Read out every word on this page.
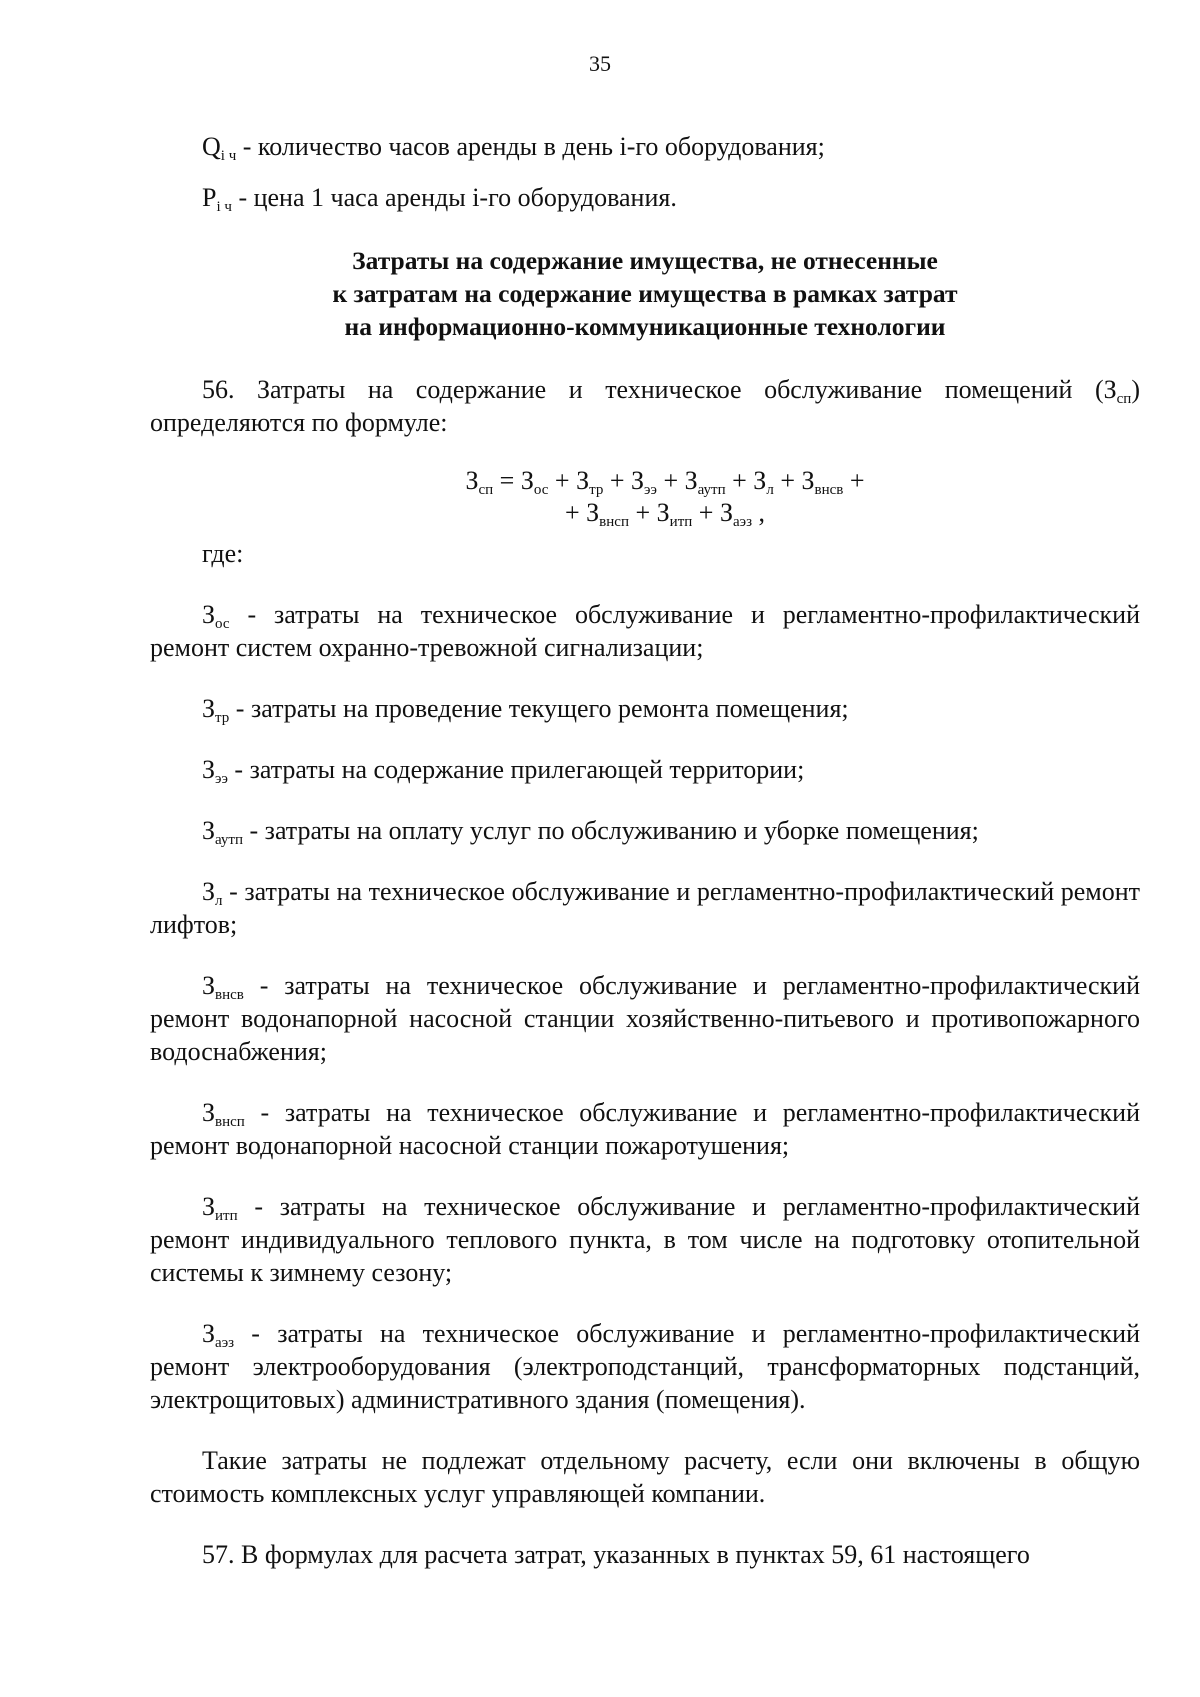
35

$Q_{i ч}$ - количество часов аренды в день i-го оборудования;

$P_{i ч}$ - цена 1 часа аренды i-го оборудования.

Затраты на содержание имущества, не отнесенные
к затратам на содержание имущества в рамках затрат
на информационно-коммуникационные технологии

56. Затраты на содержание и техническое обслуживание помещений $(З_{сп})$ определяются по формуле:

$З_{сп} = З_{ос} + З_{тр} + З_{ээ} + З_{аутп} + З_л + З_{внсв}$ +
+ $З_{внсп} + З_{итп} + З_{аэз}$ ,

где:

$З_{ос}$ - затраты на техническое обслуживание и регламентно-профилактический ремонт систем охранно-тревожной сигнализации;

$З_{тр}$ - затраты на проведение текущего ремонта помещения;

$З_{ээ}$ - затраты на содержание прилегающей территории;

$З_{аутп}$ - затраты на оплату услуг по обслуживанию и уборке помещения;

$З_л$ - затраты на техническое обслуживание и регламентно-профилактический ремонт лифтов;

$З_{внсв}$ - затраты на техническое обслуживание и регламентно-профилактический ремонт водонапорной насосной станции хозяйственно-питьевого и противопожарного водоснабжения;

$З_{внсп}$ - затраты на техническое обслуживание и регламентно-профилактический ремонт водонапорной насосной станции пожаротушения;

$З_{итп}$ - затраты на техническое обслуживание и регламентно-профилактический ремонт индивидуального теплового пункта, в том числе на подготовку отопительной системы к зимнему сезону;

$З_{аэз}$ - затраты на техническое обслуживание и регламентно-профилактический ремонт электрооборудования (электроподстанций, трансформаторных подстанций, электрощитовых) административного здания (помещения).

Такие затраты не подлежат отдельному расчету, если они включены в общую стоимость комплексных услуг управляющей компании.

57. В формулах для расчета затрат, указанных в пунктах 59, 61 настоящего
